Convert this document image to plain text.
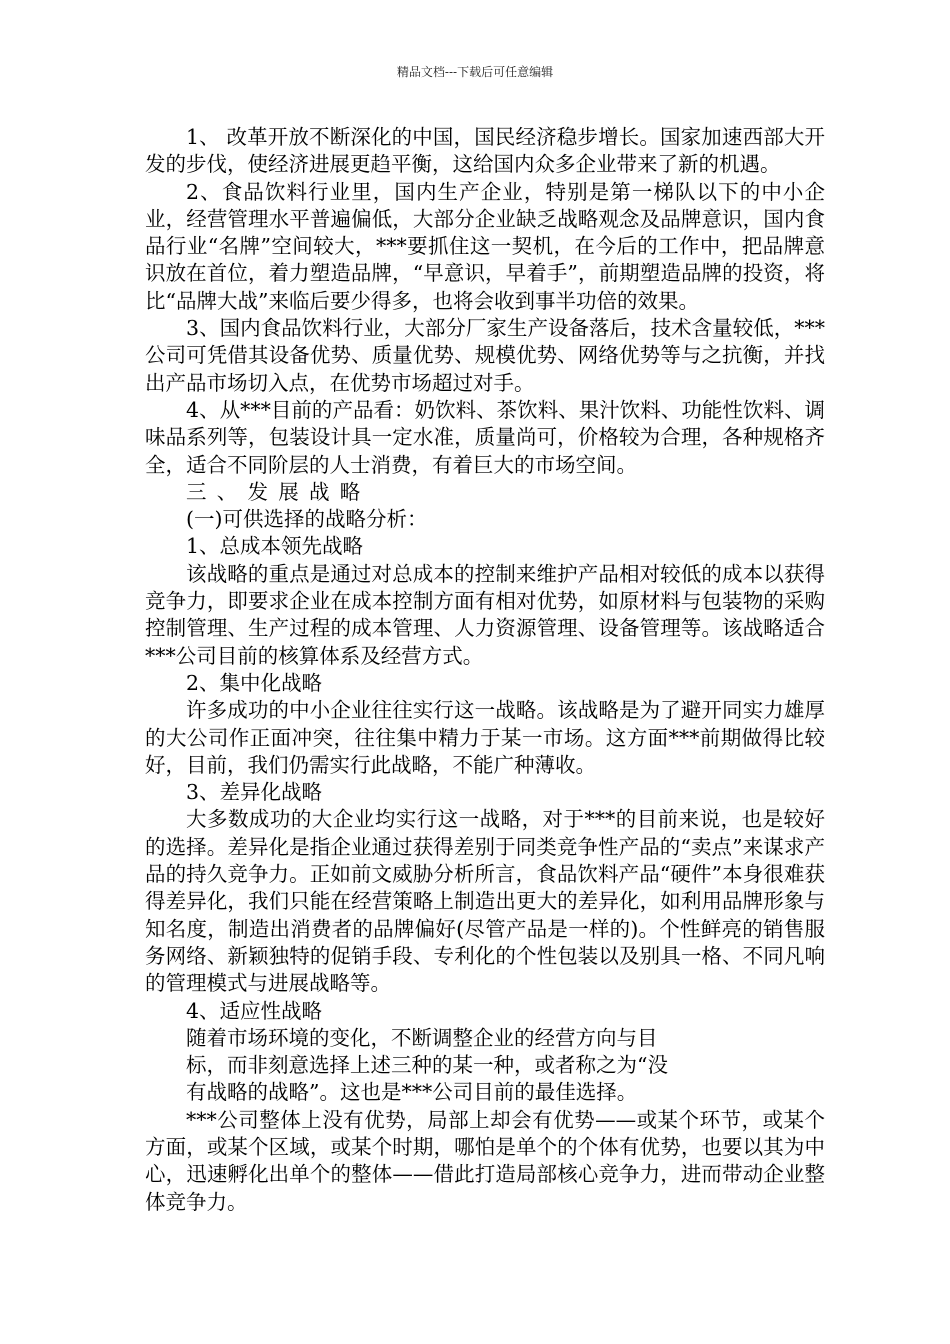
精品文档---下载后可任意编辑

1、 改革开放不断深化的中国，国民经济稳步增长。国家加速西部大开发的步伐，使经济进展更趋平衡，这给国内众多企业带来了新的机遇。

2、食品饮料行业里，国内生产企业，特别是第一梯队以下的中小企业，经营管理水平普遍偏低，大部分企业缺乏战略观念及品牌意识，国内食品行业“名牌”空间较大，***要抓住这一契机，在今后的工作中，把品牌意识放在首位，着力塑造品牌，“早意识，早着手”，前期塑造品牌的投资，将比“品牌大战”来临后要少得多，也将会收到事半功倍的效果。

3、国内食品饮料行业，大部分厂家生产设备落后，技术含量较低，***公司可凭借其设备优势、质量优势、规模优势、网络优势等与之抗衡，并找出产品市场切入点，在优势市场超过对手。

4、从***目前的产品看：奶饮料、茶饮料、果汁饮料、功能性饮料、调味品系列等，包装设计具一定水准，质量尚可，价格较为合理，各种规格齐全，适合不同阶层的人士消费，有着巨大的市场空间。

三、发展战略

(一)可供选择的战略分析：

1、总成本领先战略

该战略的重点是通过对总成本的控制来维护产品相对较低的成本以获得竞争力，即要求企业在成本控制方面有相对优势，如原材料与包装物的采购控制管理、生产过程的成本管理、人力资源管理、设备管理等。该战略适合***公司目前的核算体系及经营方式。

2、集中化战略

许多成功的中小企业往往实行这一战略。该战略是为了避开同实力雄厚的大公司作正面冲突，往往集中精力于某一市场。这方面***前期做得比较好，目前，我们仍需实行此战略，不能广种薄收。

3、差异化战略

大多数成功的大企业均实行这一战略，对于***的目前来说，也是较好的选择。差异化是指企业通过获得差别于同类竞争性产品的“卖点”来谋求产品的持久竞争力。正如前文威胁分析所言，食品饮料产品“硬件”本身很难获得差异化，我们只能在经营策略上制造出更大的差异化，如利用品牌形象与知名度，制造出消费者的品牌偏好(尽管产品是一样的)。个性鲜亮的销售服务网络、新颖独特的促销手段、专利化的个性包装以及别具一格、不同凡响的管理模式与进展战略等。

4、适应性战略

随着市场环境的变化，不断调整企业的经营方向与目

标，而非刻意选择上述三种的某一种，或者称之为“没

有战略的战略”。这也是***公司目前的最佳选择。

***公司整体上没有优势，局部上却会有优势——或某个环节，或某个方面，或某个区域，或某个时期，哪怕是单个的个体有优势，也要以其为中心，迅速孵化出单个的整体——借此打造局部核心竞争力，进而带动企业整体竞争力。
